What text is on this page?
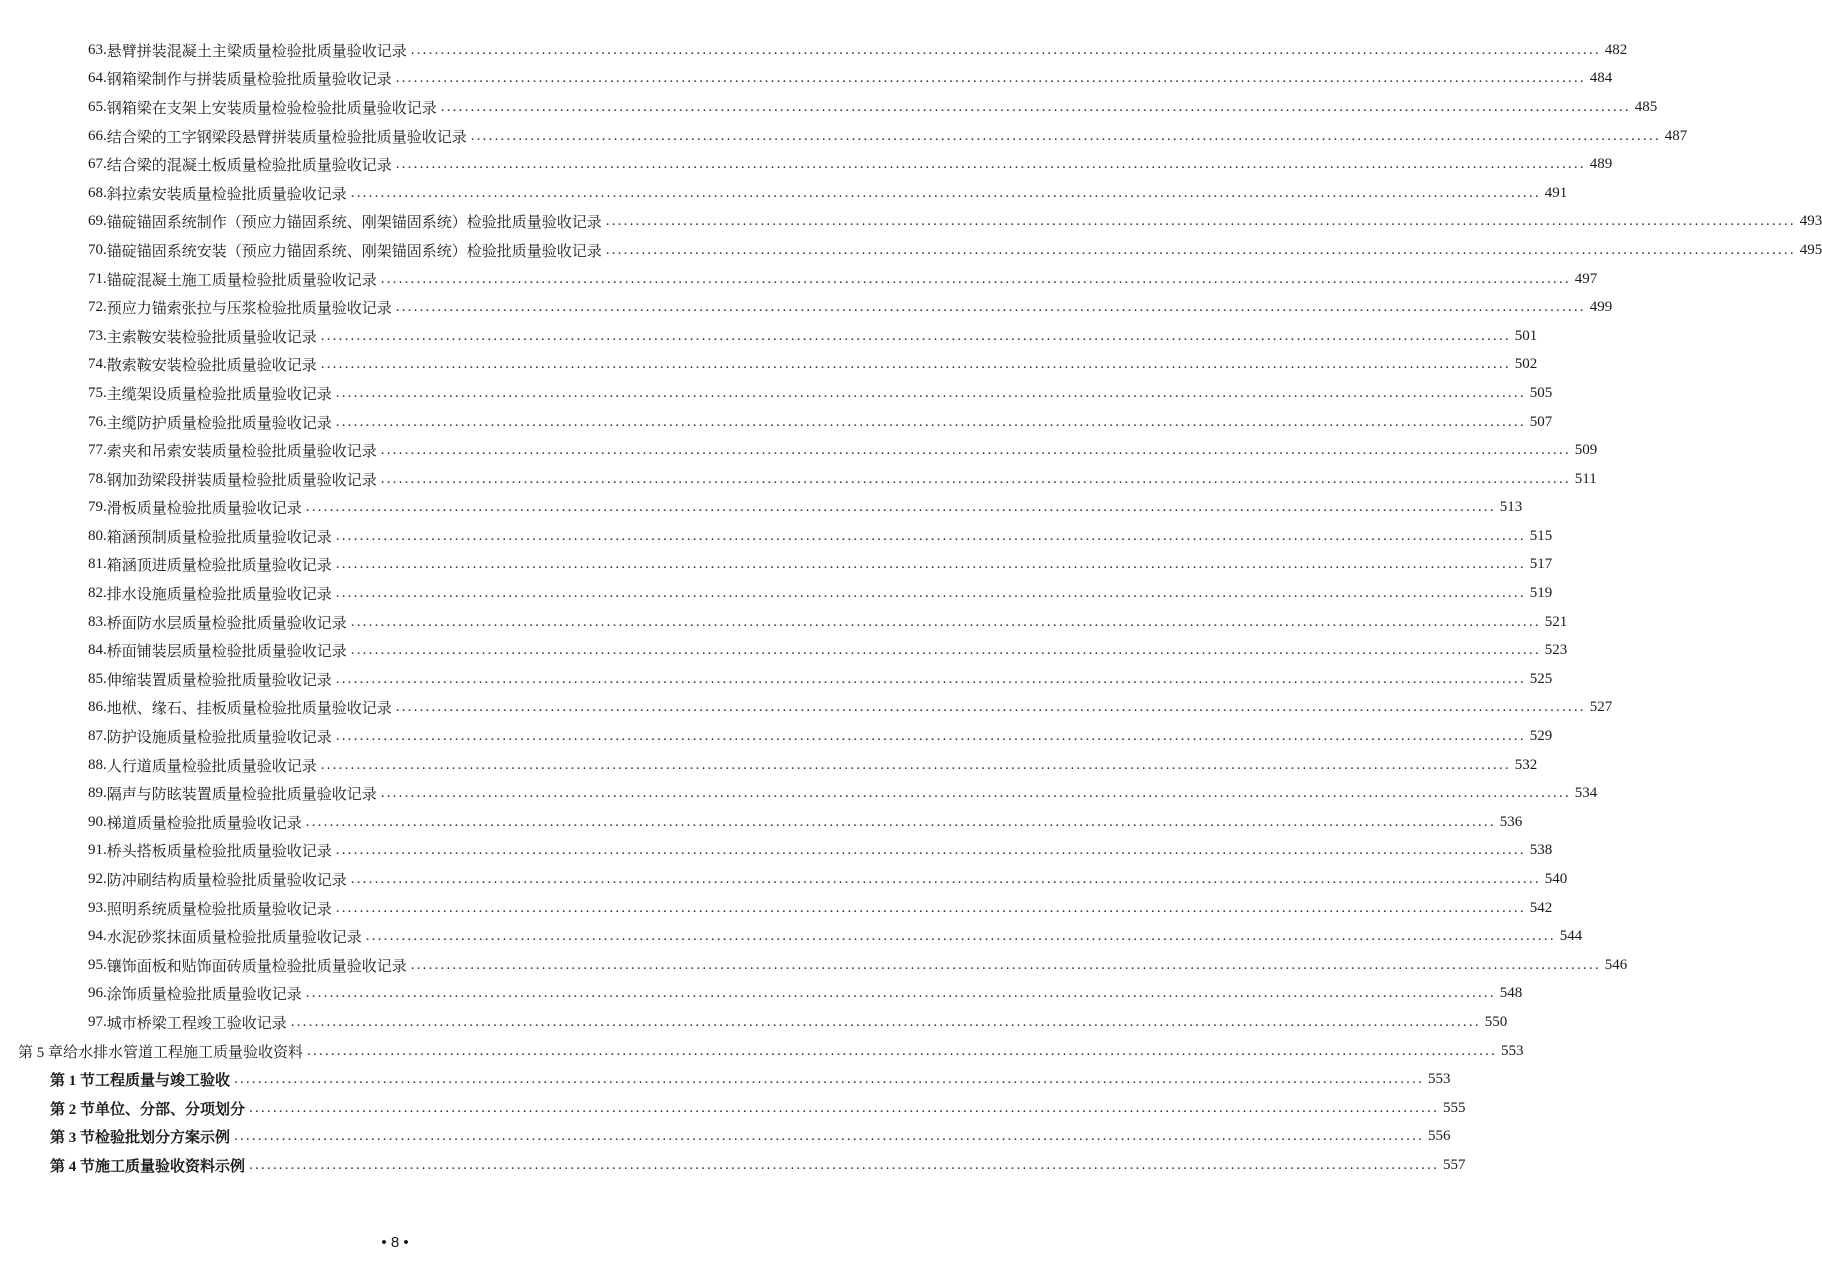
63. 悬臂拼装混凝土主梁质量检验批质量验收记录 ........................................................................................................................................................................................................ 482
64. 钢箱梁制作与拼装质量检验批质量验收记录 ........................................................................................................................................................................................................ 484
65. 钢箱梁在支架上安装质量检验检验批质量验收记录 ........................................................................................................................................................................................................ 485
66. 结合梁的工字钢梁段悬臂拼装质量检验批质量验收记录 ........................................................................................................................................................................................................ 487
67. 结合梁的混凝土板质量检验批质量验收记录 ........................................................................................................................................................................................................ 489
68. 斜拉索安装质量检验批质量验收记录 ........................................................................................................................................................................................................ 491
69. 锚碇锚固系统制作（预应力锚固系统、刚架锚固系统）检验批质量验收记录 ........................................................................................................................................................................................................ 493
70. 锚碇锚固系统安装（预应力锚固系统、刚架锚固系统）检验批质量验收记录 ........................................................................................................................................................................................................ 495
71. 锚碇混凝土施工质量检验批质量验收记录 ........................................................................................................................................................................................................ 497
72. 预应力锚索张拉与压浆检验批质量验收记录 ........................................................................................................................................................................................................ 499
73. 主索鞍安装检验批质量验收记录 ........................................................................................................................................................................................................ 501
74. 散索鞍安装检验批质量验收记录 ........................................................................................................................................................................................................ 502
75. 主缆架设质量检验批质量验收记录 ........................................................................................................................................................................................................ 505
76. 主缆防护质量检验批质量验收记录 ........................................................................................................................................................................................................ 507
77. 索夹和吊索安装质量检验批质量验收记录 ........................................................................................................................................................................................................ 509
78. 钢加劲梁段拼装质量检验批质量验收记录 ........................................................................................................................................................................................................ 511
79. 滑板质量检验批质量验收记录 ........................................................................................................................................................................................................ 513
80. 箱涵预制质量检验批质量验收记录 ........................................................................................................................................................................................................ 515
81. 箱涵顶进质量检验批质量验收记录 ........................................................................................................................................................................................................ 517
82. 排水设施质量检验批质量验收记录 ........................................................................................................................................................................................................ 519
83. 桥面防水层质量检验批质量验收记录 ........................................................................................................................................................................................................ 521
84. 桥面铺装层质量检验批质量验收记录 ........................................................................................................................................................................................................ 523
85. 伸缩装置质量检验批质量验收记录 ........................................................................................................................................................................................................ 525
86. 地栿、缘石、挂板质量检验批质量验收记录 ........................................................................................................................................................................................................ 527
87. 防护设施质量检验批质量验收记录 ........................................................................................................................................................................................................ 529
88. 人行道质量检验批质量验收记录 ........................................................................................................................................................................................................ 532
89. 隔声与防眩装置质量检验批质量验收记录 ........................................................................................................................................................................................................ 534
90. 梯道质量检验批质量验收记录 ........................................................................................................................................................................................................ 536
91. 桥头搭板质量检验批质量验收记录 ........................................................................................................................................................................................................ 538
92. 防冲刷结构质量检验批质量验收记录 ........................................................................................................................................................................................................ 540
93. 照明系统质量检验批质量验收记录 ........................................................................................................................................................................................................ 542
94. 水泥砂浆抹面质量检验批质量验收记录 ........................................................................................................................................................................................................ 544
95. 镶饰面板和贴饰面砖质量检验批质量验收记录 ........................................................................................................................................................................................................ 546
96. 涂饰质量检验批质量验收记录 ........................................................................................................................................................................................................ 548
97. 城市桥梁工程竣工验收记录 ........................................................................................................................................................................................................ 550
第 5 章 给水排水管道工程施工质量验收资料 ........................................................................................................................................................................................................ 553
第 1 节 工程质量与竣工验收 ........................................................................................................................................................................................................ 553
第 2 节 单位、分部、分项划分 ........................................................................................................................................................................................................ 555
第 3 节 检验批划分方案示例 ........................................................................................................................................................................................................ 556
第 4 节 施工质量验收资料示例 ........................................................................................................................................................................................................ 557
• 8 •
